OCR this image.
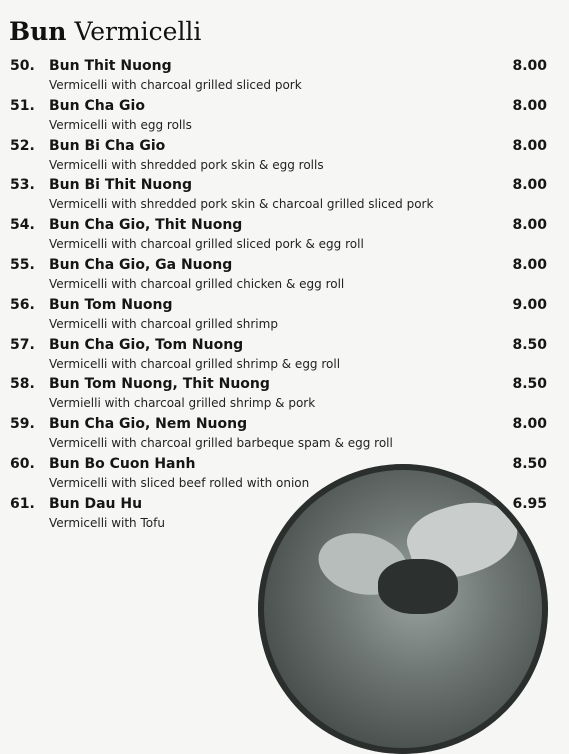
Bun Vermicelli
50. Bun Thit Nuong	8.00
Vermicelli with charcoal grilled sliced pork
51. Bun Cha Gio	8.00
Vermicelli with egg rolls
52. Bun Bi Cha Gio	8.00
Vermicelli with shredded pork skin & egg rolls
53. Bun Bi Thit Nuong	8.00
Vermicelli with shredded pork skin & charcoal grilled sliced pork
54. Bun Cha Gio, Thit Nuong	8.00
Vermicelli with charcoal grilled sliced pork & egg roll
55. Bun Cha Gio, Ga Nuong	8.00
Vermicelli with charcoal grilled chicken & egg roll
56. Bun Tom Nuong	9.00
Vermicelli with charcoal grilled shrimp
57. Bun Cha Gio, Tom Nuong	8.50
Vermicelli with charcoal grilled shrimp & egg roll
58. Bun Tom Nuong, Thit Nuong	8.50
Vermielli with charcoal grilled shrimp & pork
59. Bun Cha Gio, Nem Nuong	8.00
Vermicelli with charcoal grilled barbeque spam & egg roll
60. Bun Bo Cuon Hanh	8.50
Vermicelli with sliced beef rolled with onion
61. Bun Dau Hu	6.95
Vermicelli with Tofu
